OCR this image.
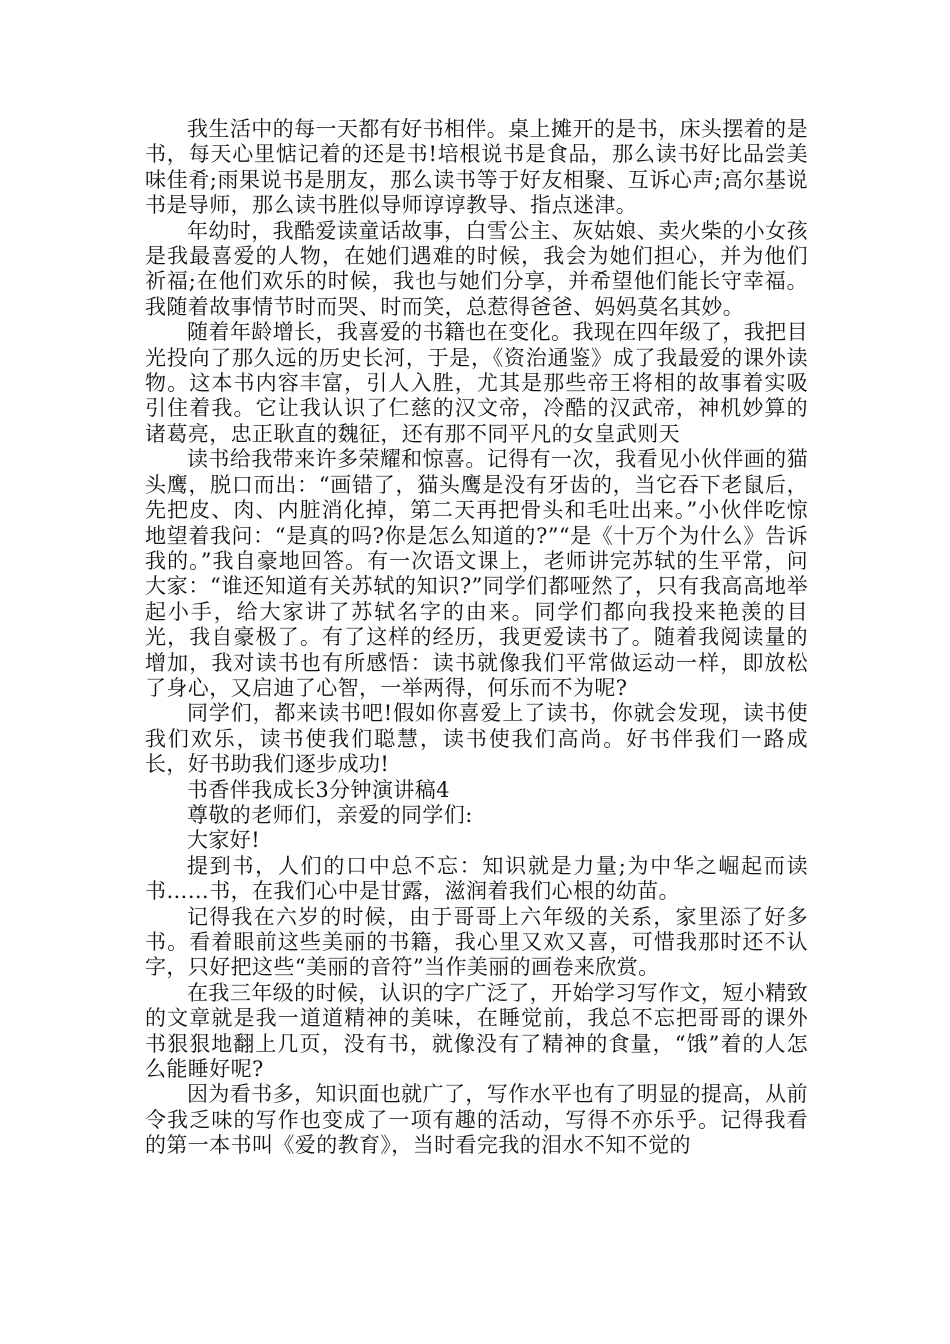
我生活中的每一天都有好书相伴。桌上摊开的是书，床头摆着的是书，每天心里惦记着的还是书!培根说书是食品，那么读书好比品尝美味佳肴;雨果说书是朋友，那么读书等于好友相聚、互诉心声;高尔基说书是导师，那么读书胜似导师谆谆教导、指点迷津。

年幼时，我酷爱读童话故事，白雪公主、灰姑娘、卖火柴的小女孩是我最喜爱的人物，在她们遇难的时候，我会为她们担心，并为他们祈福;在他们欢乐的时候，我也与她们分享，并希望他们能长守幸福。我随着故事情节时而哭、时而笑，总惹得爸爸、妈妈莫名其妙。

随着年龄增长，我喜爱的书籍也在变化。我现在四年级了，我把目光投向了那久远的历史长河，于是，《资治通鉴》成了我最爱的课外读物。这本书内容丰富，引人入胜，尤其是那些帝王将相的故事着实吸引住着我。它让我认识了仁慈的汉文帝，冷酷的汉武帝，神机妙算的诸葛亮，忠正耿直的魏征，还有那不同平凡的女皇武则天

读书给我带来许多荣耀和惊喜。记得有一次，我看见小伙伴画的猫头鹰，脱口而出：“画错了，猫头鹰是没有牙齿的，当它吞下老鼠后，先把皮、肉、内脏消化掉，第二天再把骨头和毛吐出来。”小伙伴吃惊地望着我问：“是真的吗?你是怎么知道的?”“是《十万个为什么》告诉我的。”我自豪地回答。有一次语文课上，老师讲完苏轼的生平常，问大家：“谁还知道有关苏轼的知识?”同学们都哑然了，只有我高高地举起小手，给大家讲了苏轼名字的由来。同学们都向我投来艳羡的目光，我自豪极了。有了这样的经历，我更爱读书了。随着我阅读量的增加，我对读书也有所感悟：读书就像我们平常做运动一样，即放松了身心，又启迪了心智，一举两得，何乐而不为呢?

同学们，都来读书吧!假如你喜爱上了读书，你就会发现，读书使我们欢乐，读书使我们聪慧，读书使我们高尚。好书伴我们一路成长，好书助我们逐步成功!

书香伴我成长3分钟演讲稿4

尊敬的老师们，亲爱的同学们:

大家好!

提到书，人们的口中总不忘：知识就是力量;为中华之崛起而读书……书，在我们心中是甘露，滋润着我们心根的幼苗。

记得我在六岁的时候，由于哥哥上六年级的关系，家里添了好多书。看着眼前这些美丽的书籍，我心里又欢又喜，可惜我那时还不认字，只好把这些“美丽的音符”当作美丽的画卷来欣赏。

在我三年级的时候，认识的字广泛了，开始学习写作文，短小精致的文章就是我一道道精神的美味，在睡觉前，我总不忘把哥哥的课外书狠狠地翻上几页，没有书，就像没有了精神的食量，“饿”着的人怎么能睡好呢?

因为看书多，知识面也就广了，写作水平也有了明显的提高，从前令我乏味的写作也变成了一项有趣的活动，写得不亦乐乎。记得我看的第一本书叫《爱的教育》，当时看完我的泪水不知不觉的
